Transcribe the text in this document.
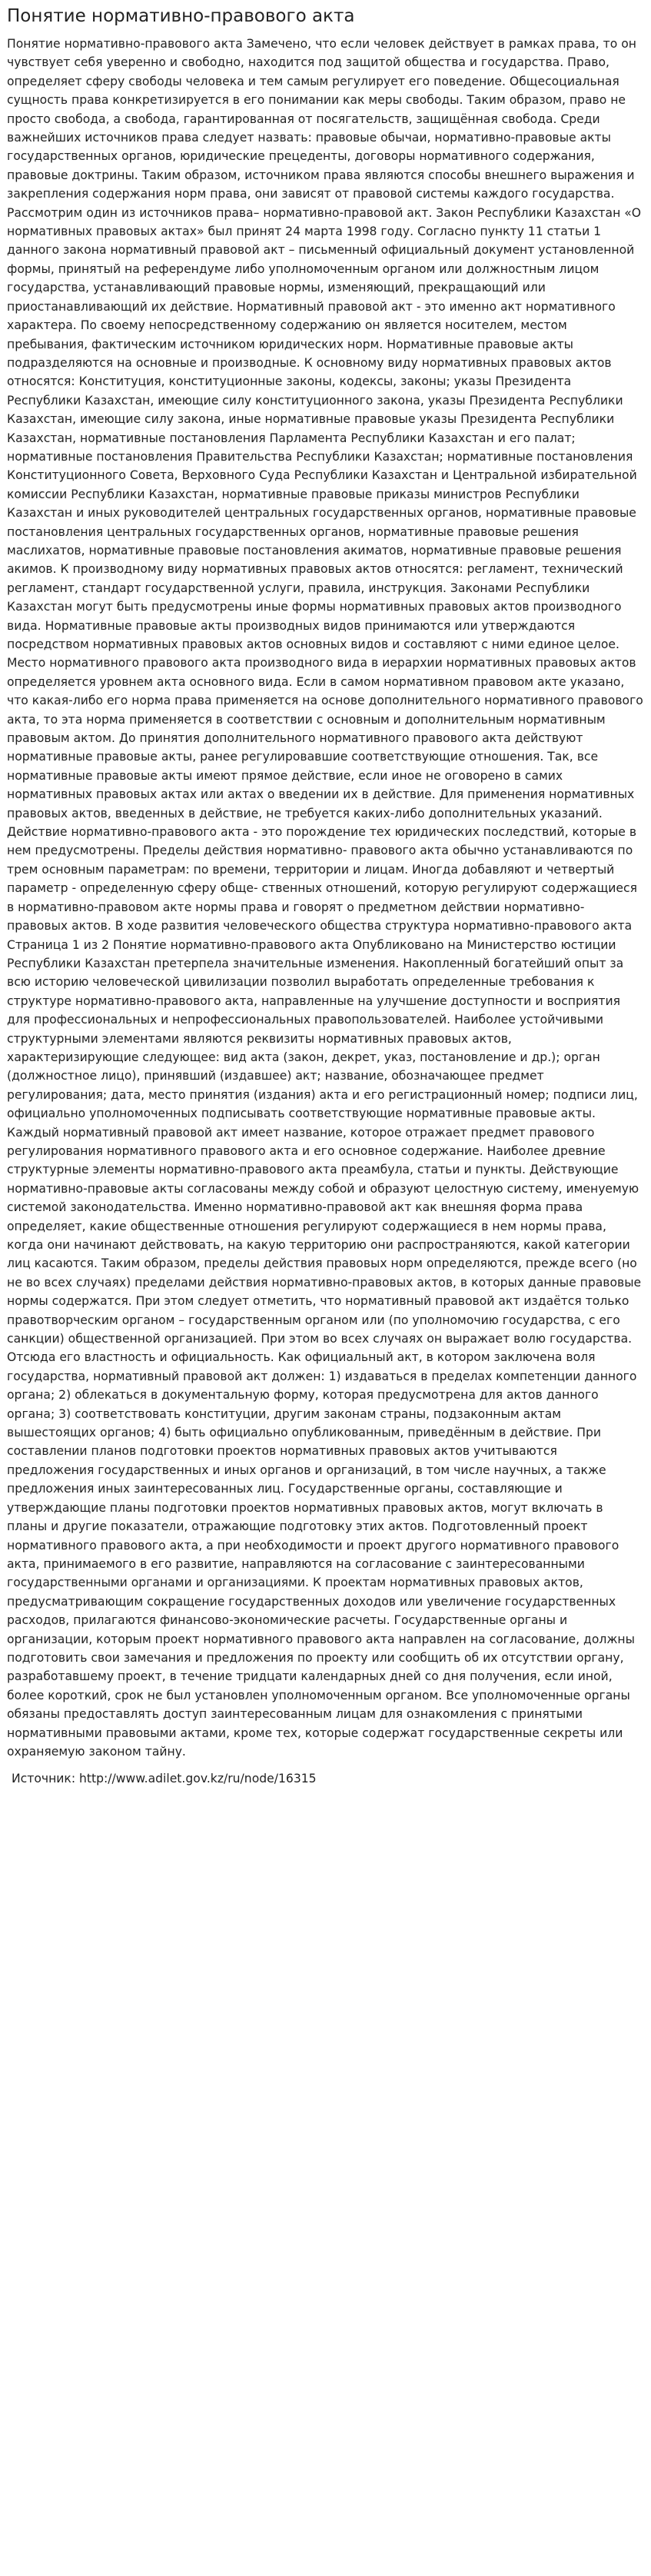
Понятие нормативно-правового акта

Понятие нормативно-правового акта Замечено, что если человек действует в рамках права, то он чувствует себя уверенно и свободно, находится под защитой общества и государства. Право, определяет сферу свободы человека и тем самым регулирует его поведение. Общесоциальная сущность права конкретизируется в его понимании как меры свободы. Таким образом, право не просто свобода, а свобода, гарантированная от посягательств, защищённая свобода. Среди важнейших источников права следует назвать: правовые обычаи, нормативно-правовые акты государственных органов, юридические прецеденты, договоры нормативного содержания, правовые доктрины. Таким образом, источником права являются способы внешнего выражения и закрепления содержания норм права, они зависят от правовой системы каждого государства. Рассмотрим один из источников права– нормативно-правовой акт. Закон Республики Казахстан «О нормативных правовых актах» был принят 24 марта 1998 году. Согласно пункту 11 статьи 1 данного закона нормативный правовой акт – письменный официальный документ установленной формы, принятый на референдуме либо уполномоченным органом или должностным лицом государства, устанавливающий правовые нормы, изменяющий, прекращающий или приостанавливающий их действие. Нормативный правовой акт - это именно акт нормативного характера. По своему непосредственному содержанию он является носителем, местом пребывания, фактическим источником юридических норм. Нормативные правовые акты подразделяются на основные и производные. К основному виду нормативных правовых актов относятся: Конституция, конституционные законы, кодексы, законы; указы Президента Республики Казахстан, имеющие силу конституционного закона, указы Президента Республики Казахстан, имеющие силу закона, иные нормативные правовые указы Президента Республики Казахстан, нормативные постановления Парламента Республики Казахстан и его палат; нормативные постановления Правительства Республики Казахстан; нормативные постановления Конституционного Совета, Верховного Суда Республики Казахстан и Центральной избирательной комиссии Республики Казахстан, нормативные правовые приказы министров Республики Казахстан и иных руководителей центральных государственных органов, нормативные правовые постановления центральных государственных органов, нормативные правовые решения маслихатов, нормативные правовые постановления акиматов, нормативные правовые решения акимов. К производному виду нормативных правовых актов относятся: регламент, технический регламент, стандарт государственной услуги, правила, инструкция. Законами Республики Казахстан могут быть предусмотрены иные формы нормативных правовых актов производного вида. Нормативные правовые акты производных видов принимаются или утверждаются посредством нормативных правовых актов основных видов и составляют с ними единое целое. Место нормативного правового акта производного вида в иерархии нормативных правовых актов определяется уровнем акта основного вида. Если в самом нормативном правовом акте указано, что какая-либо его норма права применяется на основе дополнительного нормативного правового акта, то эта норма применяется в соответствии с основным и дополнительным нормативным правовым актом. До принятия дополнительного нормативного правового акта действуют нормативные правовые акты, ранее регулировавшие соответствующие отношения. Так, все нормативные правовые акты имеют прямое действие, если иное не оговорено в самих нормативных правовых актах или актах о введении их в действие. Для применения нормативных правовых актов, введенных в действие, не требуется каких-либо дополнительных указаний. Действие нормативно-правового акта - это порождение тех юридических последствий, которые в нем предусмотрены. Пределы действия нормативно- правового акта обычно устанавливаются по трем основным параметрам: по времени, территории и лицам. Иногда добавляют и четвертый параметр - определенную сферу обще- ственных отношений, которую регулируют содержащиеся в нормативно-правовом акте нормы права и говорят о предметном действии нормативно-правовых актов. В ходе развития человеческого общества структура нормативно-правового акта Страница 1 из 2 Понятие нормативно-правового акта Опубликовано на Министерство юстиции Республики Казахстан претерпела значительные изменения. Накопленный богатейший опыт за всю историю человеческой цивилизации позволил выработать определенные требования к структуре нормативно-правового акта, направленные на улучшение доступности и восприятия для профессиональных и непрофессиональных правопользователей. Наиболее устойчивыми структурными элементами являются реквизиты нормативных правовых актов, характеризирующие следующее: вид акта (закон, декрет, указ, постановление и др.); орган (должностное лицо), принявший (издавшее) акт; название, обозначающее предмет регулирования; дата, место принятия (издания) акта и его регистрационный номер; подписи лиц, официально уполномоченных подписывать соответствующие нормативные правовые акты. Каждый нормативный правовой акт имеет название, которое отражает предмет правового регулирования нормативного правового акта и его основное содержание. Наиболее древние структурные элементы нормативно-правового акта преамбула, статьи и пункты. Действующие нормативно-правовые акты согласованы между собой и образуют целостную систему, именуемую системой законодательства. Именно нормативно-правовой акт как внешняя форма права определяет, какие общественные отношения регулируют содержащиеся в нем нормы права, когда они начинают действовать, на какую территорию они распространяются, какой категории лиц касаются. Таким образом, пределы действия правовых норм определяются, прежде всего (но не во всех случаях) пределами действия нормативно-правовых актов, в которых данные правовые нормы содержатся. При этом следует отметить, что нормативный правовой акт издаётся только правотворческим органом – государственным органом или (по уполномочию государства, с его санкции) общественной организацией. При этом во всех случаях он выражает волю государства. Отсюда его властность и официальность. Как официальный акт, в котором заключена воля государства, нормативный правовой акт должен: 1) издаваться в пределах компетенции данного органа; 2) облекаться в документальную форму, которая предусмотрена для актов данного органа; 3) соответствовать конституции, другим законам страны, подзаконным актам вышестоящих органов; 4) быть официально опубликованным, приведённым в действие. При составлении планов подготовки проектов нормативных правовых актов учитываются предложения государственных и иных органов и организаций, в том числе научных, а также предложения иных заинтересованных лиц. Государственные органы, составляющие и утверждающие планы подготовки проектов нормативных правовых актов, могут включать в планы и другие показатели, отражающие подготовку этих актов. Подготовленный проект нормативного правового акта, а при необходимости и проект другого нормативного правового акта, принимаемого в его развитие, направляются на согласование с заинтересованными государственными органами и организациями. К проектам нормативных правовых актов, предусматривающим сокращение государственных доходов или увеличение государственных расходов, прилагаются финансово-экономические расчеты. Государственные органы и организации, которым проект нормативного правового акта направлен на согласование, должны подготовить свои замечания и предложения по проекту или сообщить об их отсутствии органу, разработавшему проект, в течение тридцати календарных дней со дня получения, если иной, более короткий, срок не был установлен уполномоченным органом. Все уполномоченные органы обязаны предоставлять доступ заинтересованным лицам для ознакомления с принятыми нормативными правовыми актами, кроме тех, которые содержат государственные секреты или охраняемую законом тайну.

Источник: http://www.adilet.gov.kz/ru/node/16315
